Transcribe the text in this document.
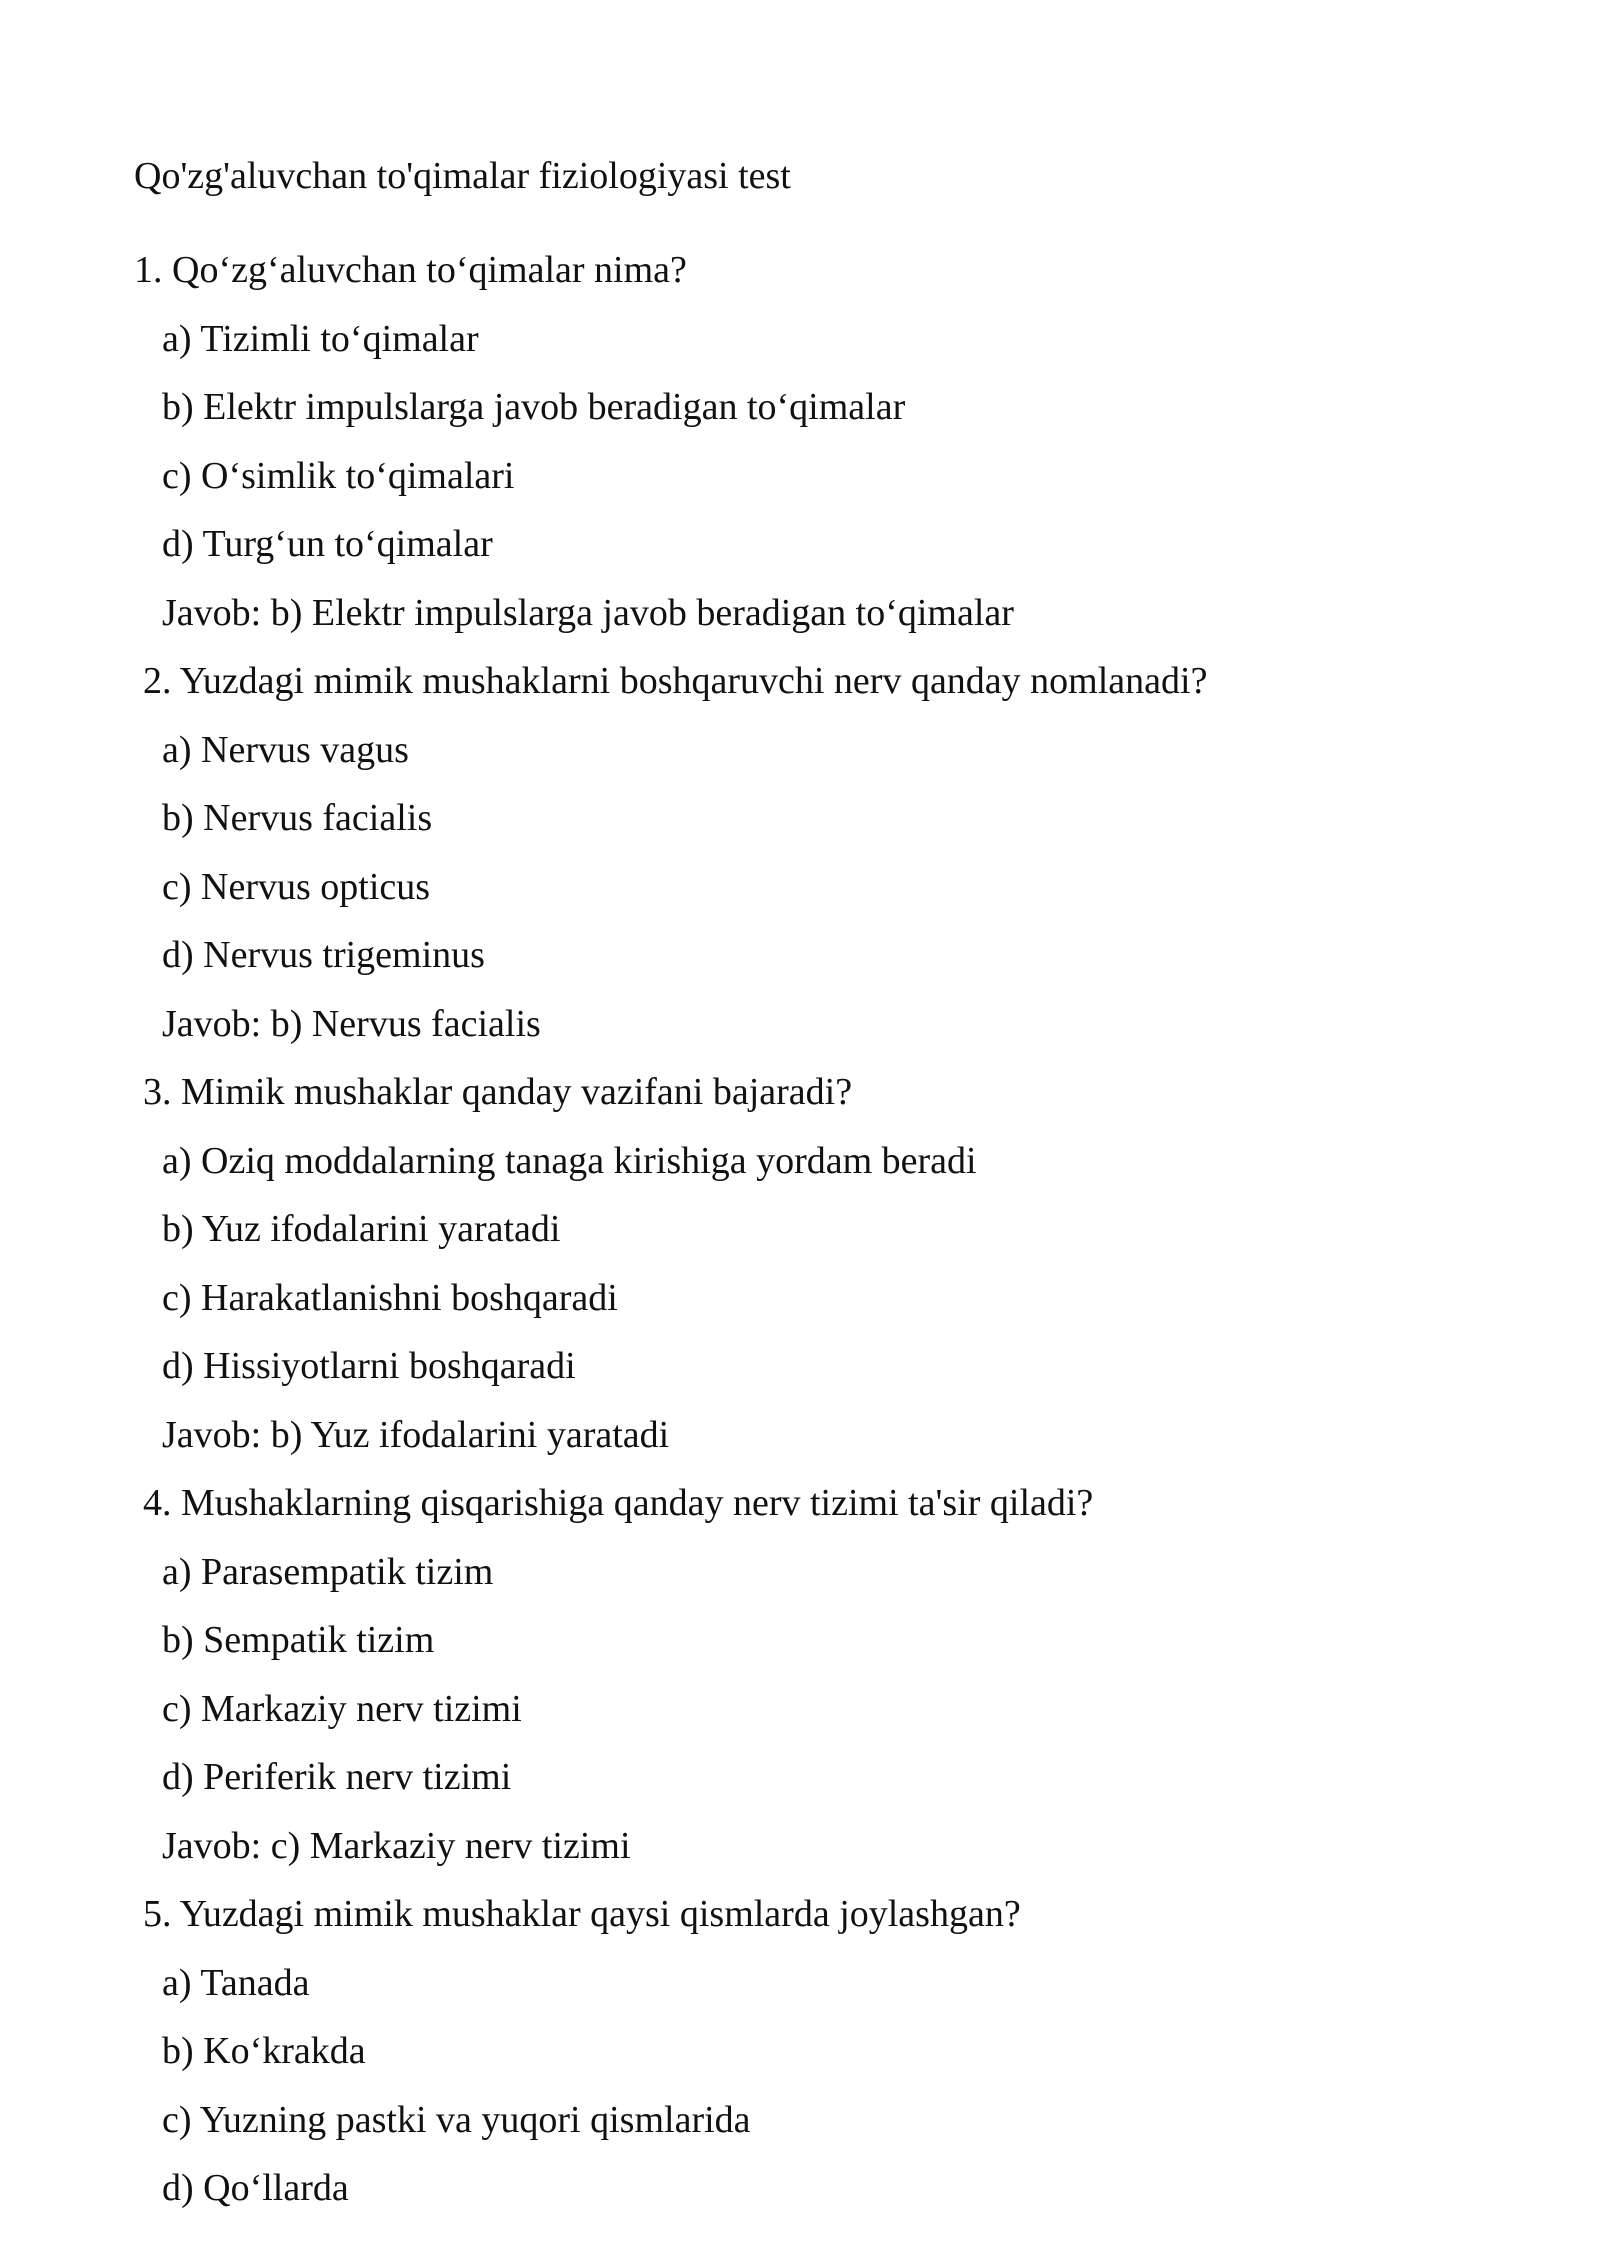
Qo'zg'aluvchan to'qimalar fiziologiyasi test
1. Qo‘zg‘aluvchan to‘qimalar nima?
a) Tizimli to‘qimalar
b) Elektr impulslarga javob beradigan to‘qimalar
c) O‘simlik to‘qimalari
d) Turg‘un to‘qimalar
Javob: b) Elektr impulslarga javob beradigan to‘qimalar
2. Yuzdagi mimik mushaklarni boshqaruvchi nerv qanday nomlanadi?
a) Nervus vagus
b) Nervus facialis
c) Nervus opticus
d) Nervus trigeminus
Javob: b) Nervus facialis
3. Mimik mushaklar qanday vazifani bajaradi?
a) Oziq moddalarning tanaga kirishiga yordam beradi
b) Yuz ifodalarini yaratadi
c) Harakatlanishni boshqaradi
d) Hissiyotlarni boshqaradi
Javob: b) Yuz ifodalarini yaratadi
4. Mushaklarning qisqarishiga qanday nerv tizimi ta'sir qiladi?
a) Parasempatik tizim
b) Sempatik tizim
c) Markaziy nerv tizimi
d) Periferik nerv tizimi
Javob: c) Markaziy nerv tizimi
5. Yuzdagi mimik mushaklar qaysi qismlarda joylashgan?
a) Tanada
b) Ko‘krakda
c) Yuzning pastki va yuqori qismlarida
d) Qo‘llarda
